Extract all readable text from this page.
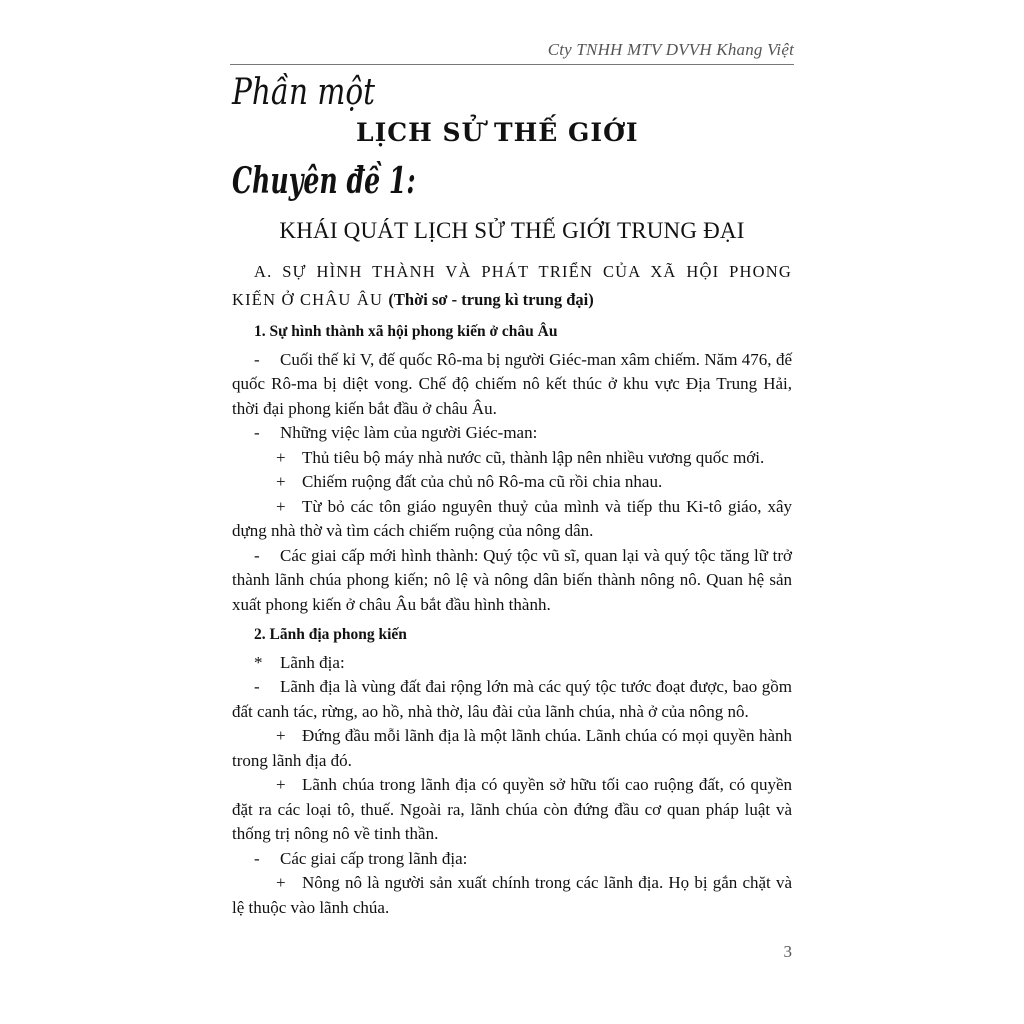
Cty TNHH MTV DVVH Khang Việt
Phần một
LỊCH SỬ THẾ GIỚI
Chuyên đề 1:
KHÁI QUÁT LỊCH SỬ THẾ GIỚI TRUNG ĐẠI

A. SỰ HÌNH THÀNH VÀ PHÁT TRIỂN CỦA XÃ HỘI PHONG KIẾN Ở CHÂU ÂU (Thời sơ - trung kì trung đại)

1. Sự hình thành xã hội phong kiến ở châu Âu

- Cuối thế kỉ V, đế quốc Rô-ma bị người Giéc-man xâm chiếm. Năm 476, đế quốc Rô-ma bị diệt vong. Chế độ chiếm nô kết thúc ở khu vực Địa Trung Hải, thời đại phong kiến bắt đầu ở châu Âu.

- Những việc làm của người Giéc-man:

+ Thủ tiêu bộ máy nhà nước cũ, thành lập nên nhiều vương quốc mới.

+ Chiếm ruộng đất của chủ nô Rô-ma cũ rồi chia nhau.

+ Từ bỏ các tôn giáo nguyên thuỷ của mình và tiếp thu Ki-tô giáo, xây dựng nhà thờ và tìm cách chiếm ruộng của nông dân.

- Các giai cấp mới hình thành: Quý tộc vũ sĩ, quan lại và quý tộc tăng lữ trở thành lãnh chúa phong kiến; nô lệ và nông dân biến thành nông nô. Quan hệ sản xuất phong kiến ở châu Âu bắt đầu hình thành.

2. Lãnh địa phong kiến

* Lãnh địa:

- Lãnh địa là vùng đất đai rộng lớn mà các quý tộc tước đoạt được, bao gồm đất canh tác, rừng, ao hồ, nhà thờ, lâu đài của lãnh chúa, nhà ở của nông nô.

+ Đứng đầu mỗi lãnh địa là một lãnh chúa. Lãnh chúa có mọi quyền hành trong lãnh địa đó.

+ Lãnh chúa trong lãnh địa có quyền sở hữu tối cao ruộng đất, có quyền đặt ra các loại tô, thuế. Ngoài ra, lãnh chúa còn đứng đầu cơ quan pháp luật và thống trị nông nô về tinh thần.

- Các giai cấp trong lãnh địa:

+ Nông nô là người sản xuất chính trong các lãnh địa. Họ bị gắn chặt và lệ thuộc vào lãnh chúa.

3
